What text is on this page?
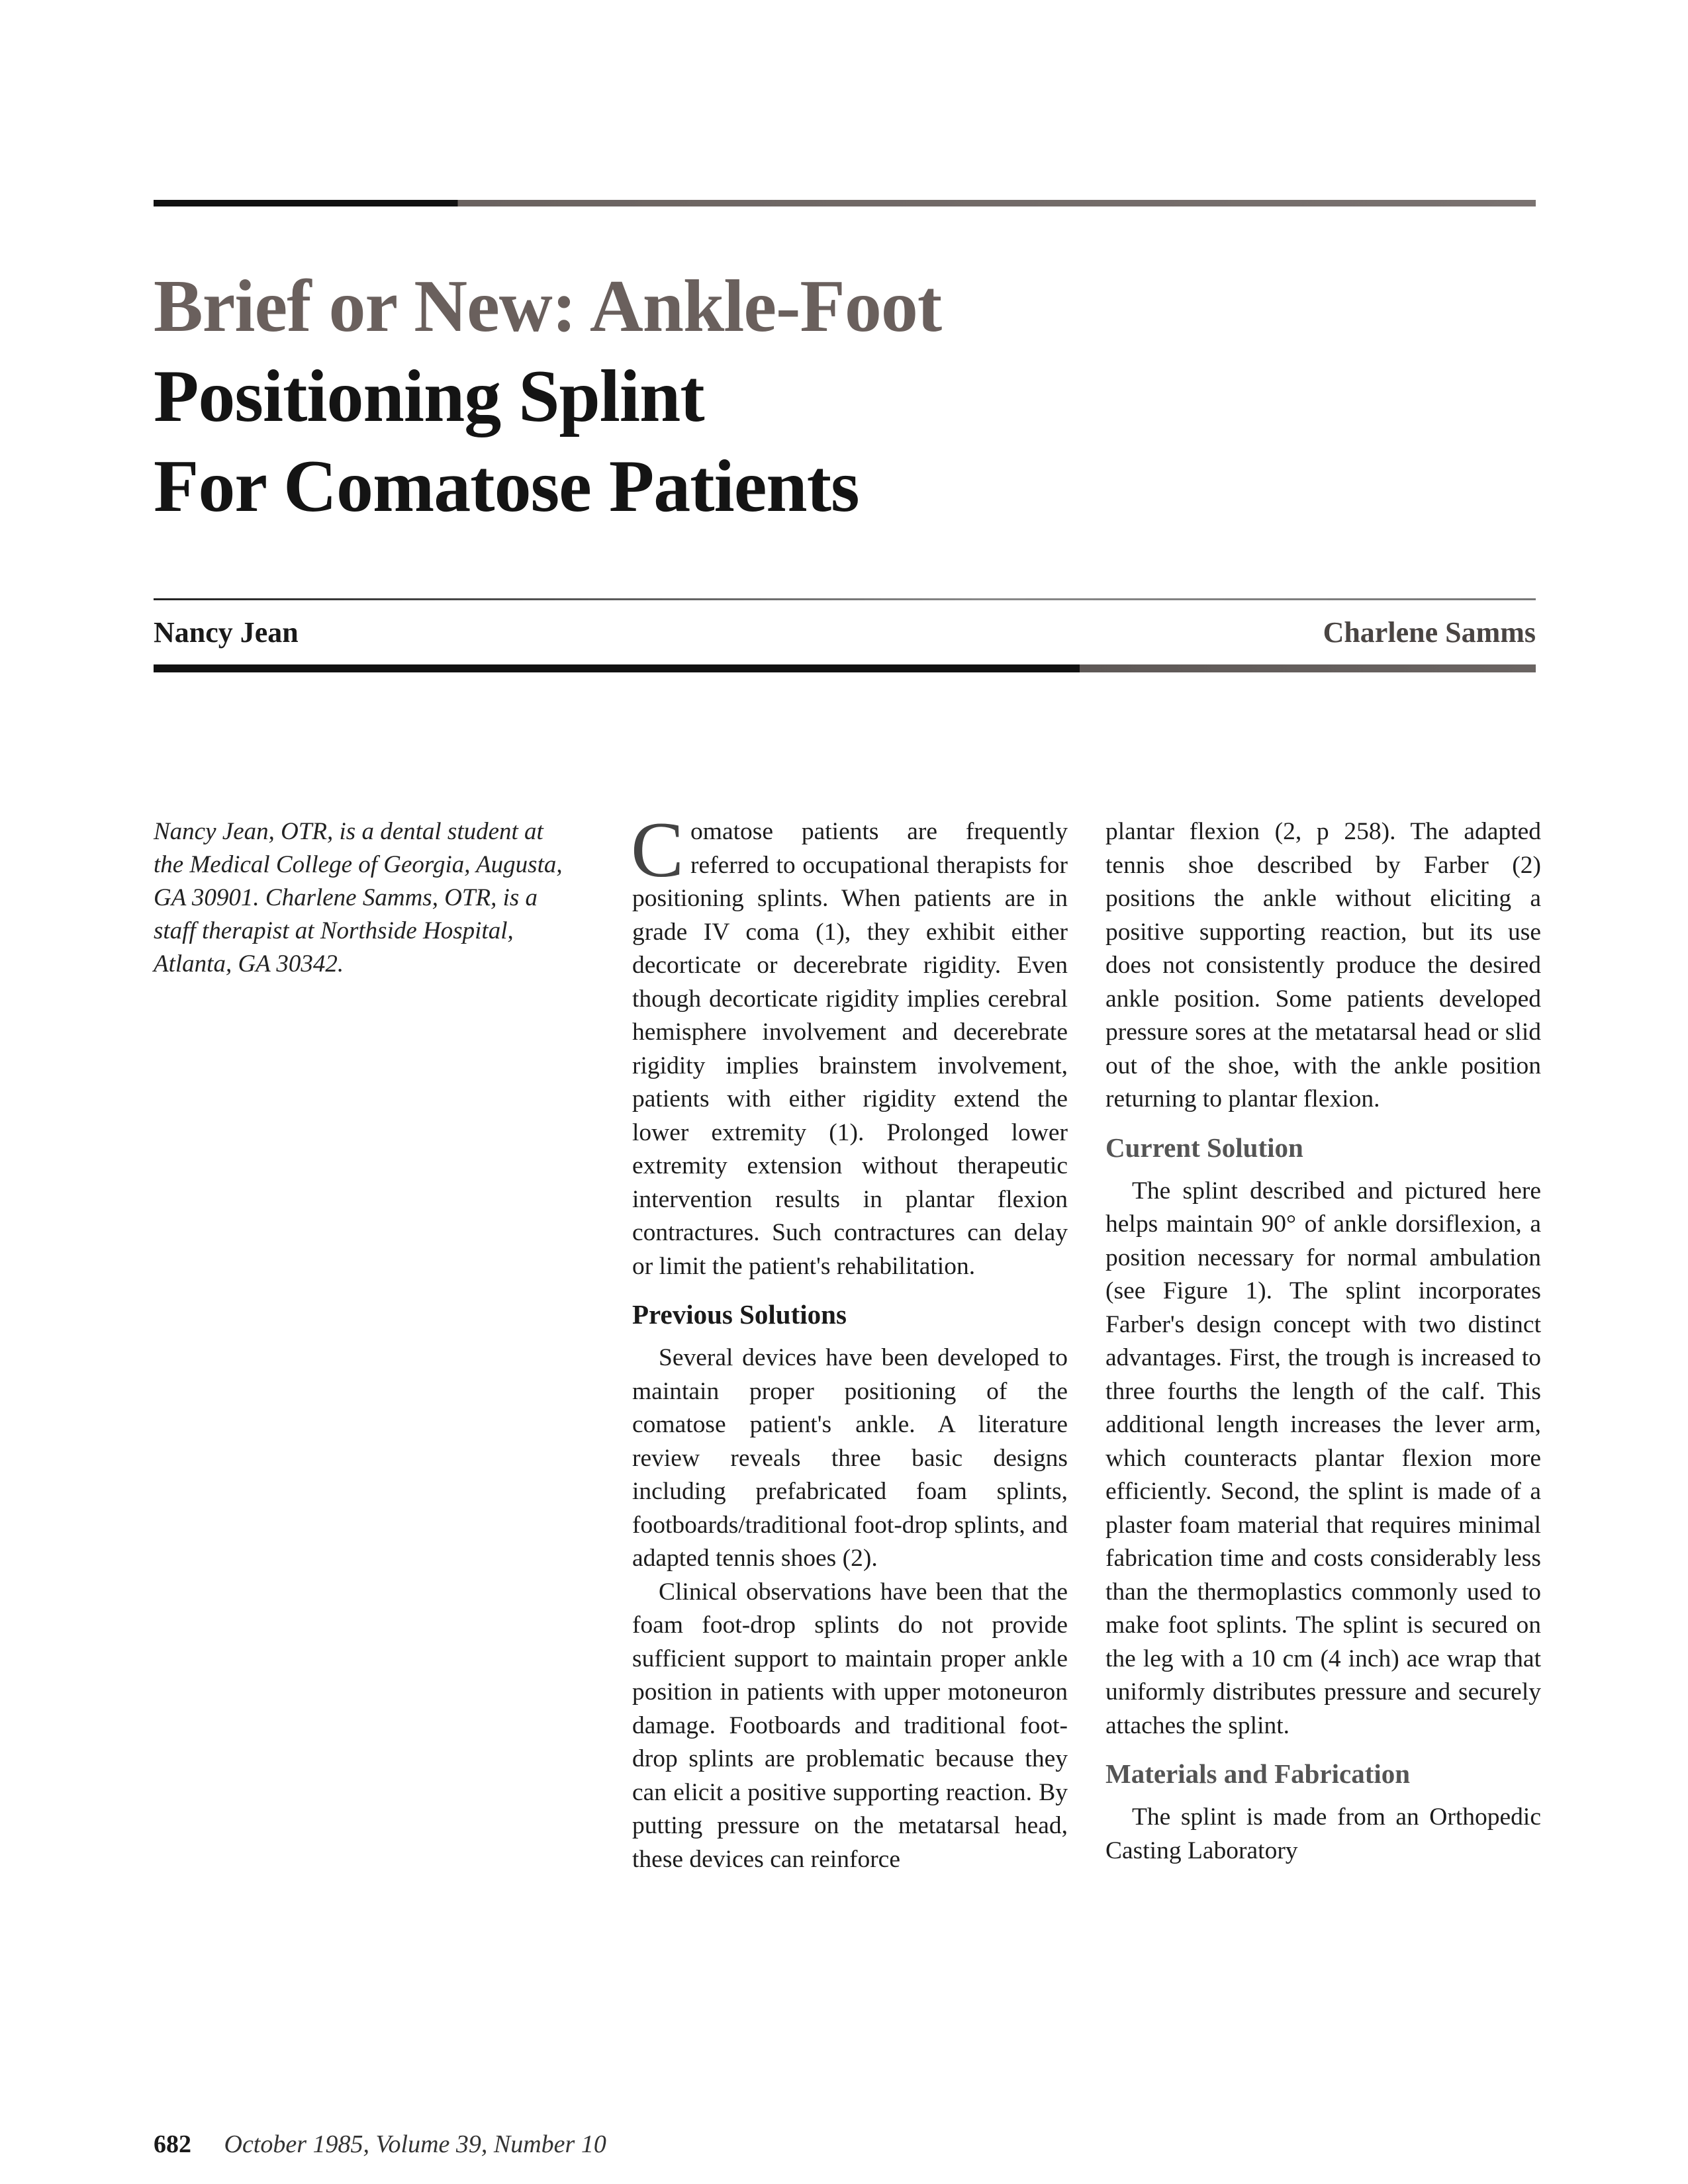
Brief or New: Ankle-Foot
Positioning Splint
For Comatose Patients
Nancy Jean	Charlene Samms
Nancy Jean, OTR, is a dental student at the Medical College of Georgia, Augusta, GA 30901. Charlene Samms, OTR, is a staff therapist at Northside Hospital, Atlanta, GA 30342.

Comatose patients are frequently referred to occupational therapists for positioning splints. When patients are in grade IV coma (1), they exhibit either decorticate or decerebrate rigidity. Even though decorticate rigidity implies cerebral hemisphere involvement and decerebrate rigidity implies brainstem involvement, patients with either rigidity extend the lower extremity (1). Prolonged lower extremity extension without therapeutic intervention results in plantar flexion contractures. Such contractures can delay or limit the patient's rehabilitation.

Previous Solutions

Several devices have been developed to maintain proper positioning of the comatose patient's ankle. A literature review reveals three basic designs including prefabricated foam splints, footboards/traditional foot-drop splints, and adapted tennis shoes (2).

Clinical observations have been that the foam foot-drop splints do not provide sufficient support to maintain proper ankle position in patients with upper motoneuron damage. Footboards and traditional foot-drop splints are problematic because they can elicit a positive supporting reaction. By putting pressure on the metatarsal head, these devices can reinforce

plantar flexion (2, p 258). The adapted tennis shoe described by Farber (2) positions the ankle without eliciting a positive supporting reaction, but its use does not consistently produce the desired ankle position. Some patients developed pressure sores at the metatarsal head or slid out of the shoe, with the ankle position returning to plantar flexion.

Current Solution

The splint described and pictured here helps maintain 90° of ankle dorsiflexion, a position necessary for normal ambulation (see Figure 1). The splint incorporates Farber's design concept with two distinct advantages. First, the trough is increased to three fourths the length of the calf. This additional length increases the lever arm, which counteracts plantar flexion more efficiently. Second, the splint is made of a plaster foam material that requires minimal fabrication time and costs considerably less than the thermoplastics commonly used to make foot splints. The splint is secured on the leg with a 10 cm (4 inch) ace wrap that uniformly distributes pressure and securely attaches the splint.

Materials and Fabrication

The splint is made from an Orthopedic Casting Laboratory

682 October 1985, Volume 39, Number 10
